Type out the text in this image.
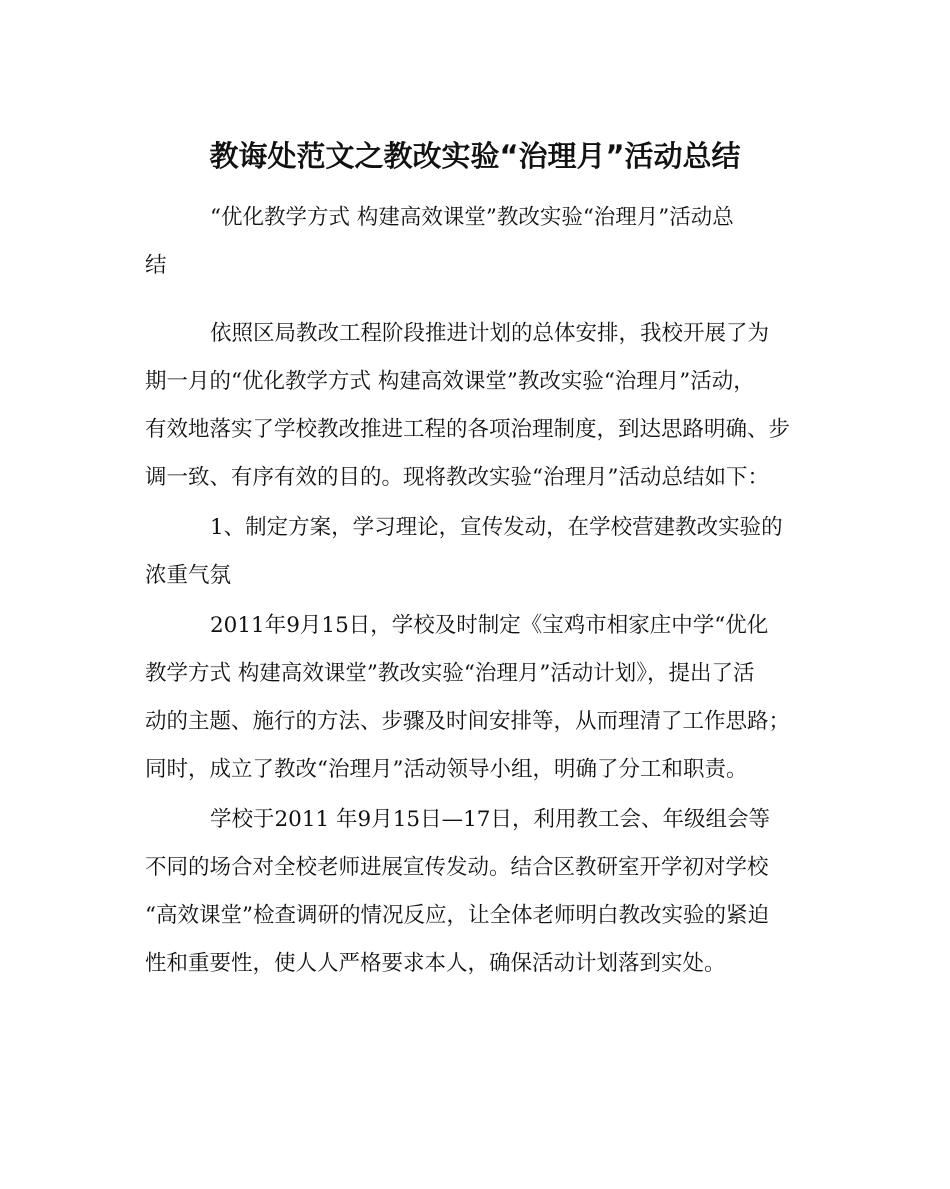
教诲处范文之教改实验“治理月”活动总结
“优化教学方式 构建高效课堂”教改实验“治理月”活动总
结
依照区局教改工程阶段推进计划的总体安排，我校开展了为
期一月的“优化教学方式 构建高效课堂”教改实验“治理月”活动，
有效地落实了学校教改推进工程的各项治理制度，到达思路明确、步
调一致、有序有效的目的。现将教改实验“治理月”活动总结如下：
1、制定方案，学习理论，宣传发动，在学校营建教改实验的
浓重气氛
2011年9月15日，学校及时制定《宝鸡市相家庄中学“优化
教学方式 构建高效课堂”教改实验“治理月”活动计划》，提出了活
动的主题、施行的方法、步骤及时间安排等，从而理清了工作思路；
同时，成立了教改“治理月”活动领导小组，明确了分工和职责。
学校于2011 年9月15日—17日，利用教工会、年级组会等
不同的场合对全校老师进展宣传发动。结合区教研室开学初对学校
“高效课堂”检查调研的情况反应，让全体老师明白教改实验的紧迫
性和重要性，使人人严格要求本人，确保活动计划落到实处。
